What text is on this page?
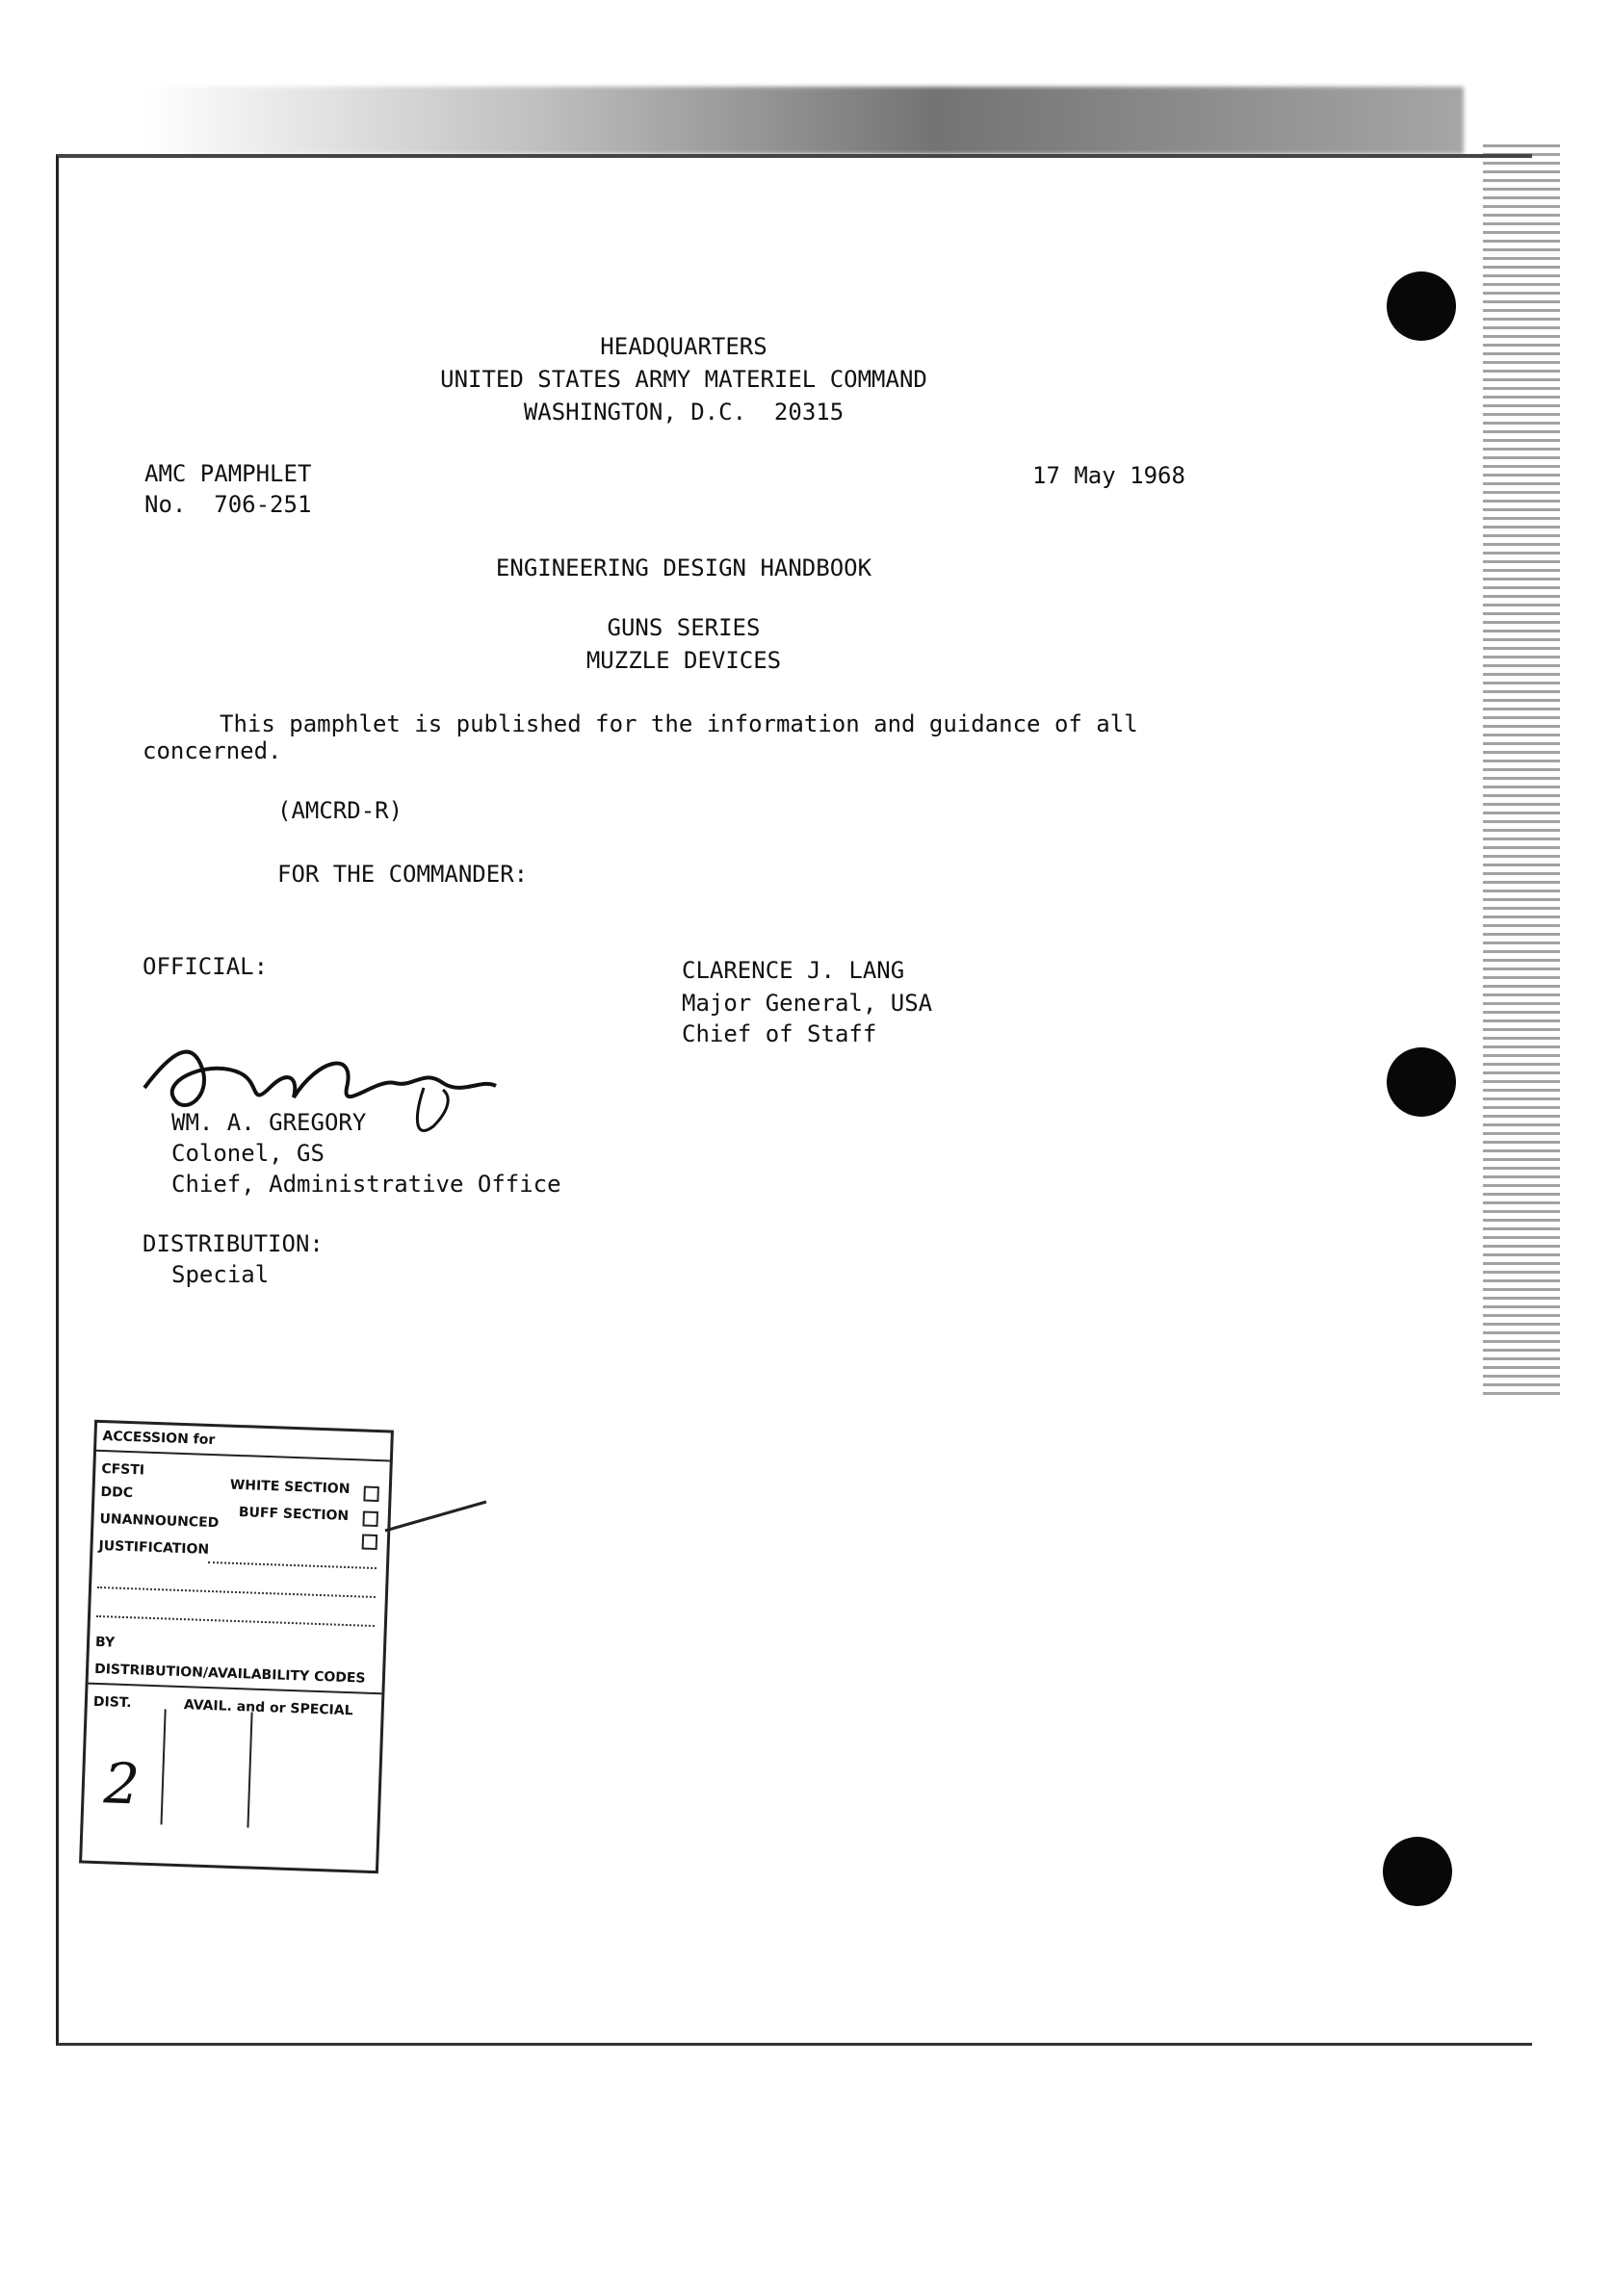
HEADQUARTERS
UNITED STATES ARMY MATERIEL COMMAND
WASHINGTON, D.C.  20315
AMC PAMPHLET
No.  706-251
17 May 1968
ENGINEERING DESIGN HANDBOOK
GUNS SERIES
MUZZLE DEVICES
This pamphlet is published for the information and guidance of all
concerned.
(AMCRD-R)
FOR THE COMMANDER:
OFFICIAL:	CLARENCE J. LANG
Major General, USA
Chief of Staff
WM. A. GREGORY
Colonel, GS
Chief, Administrative Office
DISTRIBUTION:
Special
ACCESSION for
CFSTI
WHITE SECTION
DDC
BUFF SECTION
UNANNOUNCED
JUSTIFICATION
BY
DISTRIBUTION/AVAILABILITY CODES
DIST.	AVAIL. and or SPECIAL
2
